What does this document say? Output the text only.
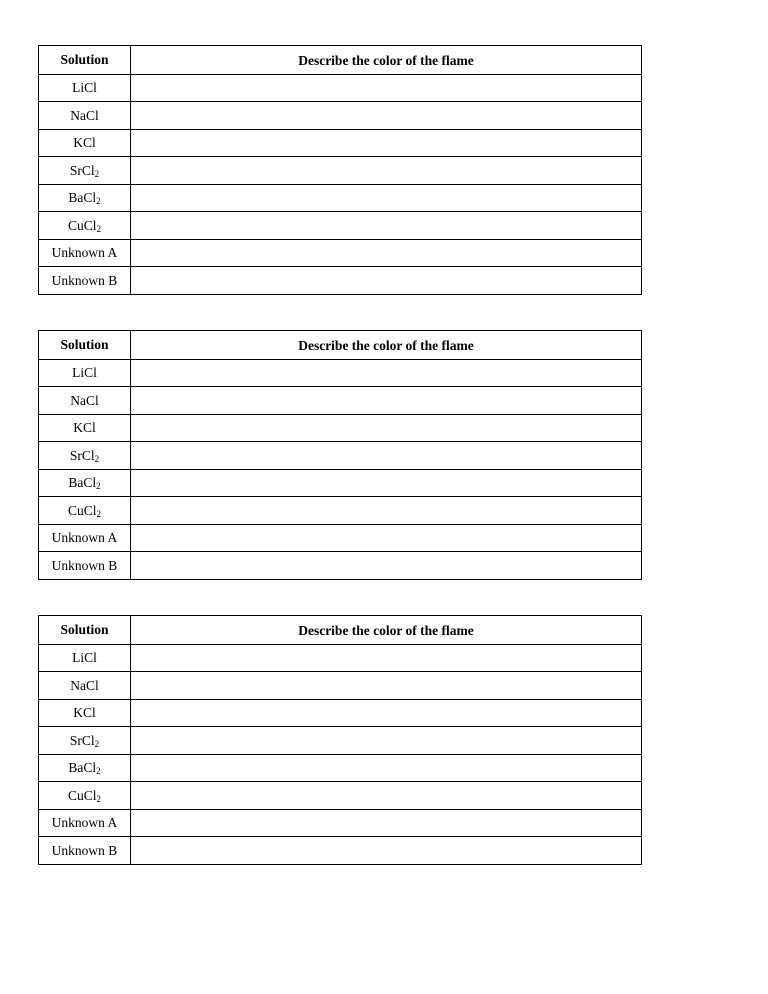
Solution	Describe the color of the flame
LiCl	
NaCl	
KCl	
SrCl$_2$	
BaCl$_2$	
CuCl$_2$	
Unknown A	
Unknown B	
Solution	Describe the color of the flame
LiCl	
NaCl	
KCl	
SrCl$_2$	
BaCl$_2$	
CuCl$_2$	
Unknown A	
Unknown B	
Solution	Describe the color of the flame
LiCl	
NaCl	
KCl	
SrCl$_2$	
BaCl$_2$	
CuCl$_2$	
Unknown A	
Unknown B	
